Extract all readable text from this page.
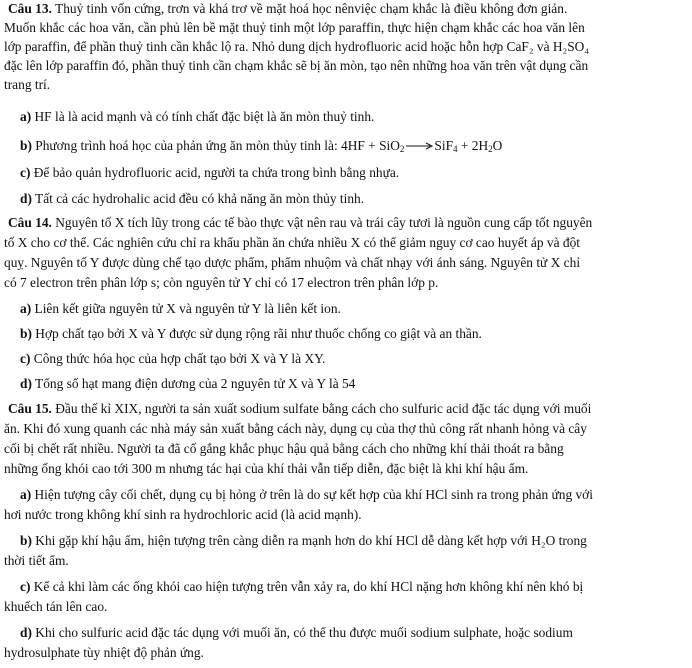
Câu 13. Thuỷ tinh vốn cứng, trơn và khá trơ về mặt hoá học nênviệc chạm khắc là điều không đơn giản.
Muốn khắc các hoa văn, cần phủ lên bề mặt thuỷ tinh một lớp paraffin, thực hiện chạm khắc các hoa văn lên
lớp paraffin, để phần thuỷ tinh cần khắc lộ ra. Nhỏ dung dịch hydrofluoric acid hoặc hỗn hợp CaF₂ và H₂SO₄
đặc lên lớp paraffin đó, phần thuỷ tinh cần chạm khắc sẽ bị ăn mòn, tạo nên những hoa văn trên vật dụng cần
trang trí.
a) HF là là acid mạnh và có tính chất đặc biệt là ăn mòn thuỷ tinh.
b) Phương trình hoá học của phản ứng ăn mòn thủy tinh là: $4HF + SiO_2\to SiF_4 + 2H_2O$
c) Để bảo quản hydrofluoric acid, người ta chứa trong bình bằng nhựa.
d) Tất cả các hydrohalic acid đều có khả năng ăn mòn thủy tinh.
Câu 14. Nguyên tố X tích lũy trong các tế bào thực vật nên rau và trái cây tươi là nguồn cung cấp tốt nguyên
tố X cho cơ thể. Các nghiên cứu chỉ ra khẩu phần ăn chứa nhiều X có thể giảm nguy cơ cao huyết áp và đột
quỵ. Nguyên tố Y được dùng chế tạo dược phẩm, phẩm nhuộm và chất nhạy với ánh sáng. Nguyên tử X chỉ
có 7 electron trên phân lớp s; còn nguyên tử Y chỉ có 17 electron trên phân lớp p.
a) Liên kết giữa nguyên tử X và nguyên tử Y là liên kết ion.
b) Hợp chất tạo bởi X và Y được sử dụng rộng rãi như thuốc chống co giật và an thần.
c) Công thức hóa học của hợp chất tạo bởi X và Y là XY.
d) Tổng số hạt mang điện dương của 2 nguyên tử X và Y là 54
Câu 15. Đầu thế kỉ XIX, người ta sản xuất sodium sulfate bằng cách cho sulfuric acid đặc tác dụng với muối
ăn. Khi đó xung quanh các nhà máy sản xuất bằng cách này, dụng cụ của thợ thủ công rất nhanh hỏng và cây
cối bị chết rất nhiều. Người ta đã cố gắng khắc phục hậu quả bằng cách cho những khí thải thoát ra bằng
những ống khói cao tới 300 m nhưng tác hại của khí thải vẫn tiếp diễn, đặc biệt là khi khí hậu ẩm.
a) Hiện tượng cây cối chết, dụng cụ bị hỏng ở trên là do sự kết hợp của khí HCl sinh ra trong phản ứng với
hơi nước trong không khí sinh ra hydrochloric acid (là acid mạnh).
b) Khi gặp khí hậu ẩm, hiện tượng trên càng diễn ra mạnh hơn do khí HCl dễ dàng kết hợp với H₂O trong
thời tiết ẩm.
c) Kể cả khi làm các ống khói cao hiện tượng trên vẫn xảy ra, do khí HCl nặng hơn không khí nên khó bị
khuếch tán lên cao.
d) Khi cho sulfuric acid đặc tác dụng với muối ăn, có thể thu được muối sodium sulphate, hoặc sodium
hydrosulphate tùy nhiệt độ phản ứng.
